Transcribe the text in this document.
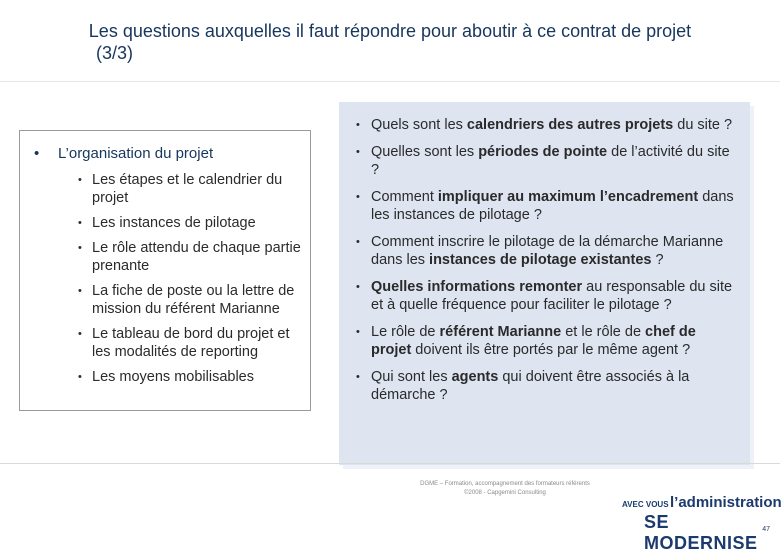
Les questions auxquelles il faut répondre pour aboutir à ce contrat de projet
(3/3)
• L’organisation du projet
• Les étapes et le calendrier du projet
• Les instances de pilotage
• Le rôle attendu de chaque partie prenante
• La fiche de poste ou la lettre de mission du référent Marianne
• Le tableau de bord du projet et les modalités de reporting
• Les moyens mobilisables
• Quels sont les calendriers des autres projets du site ?
• Quelles sont les périodes de pointe de l’activité du site ?
• Comment impliquer au maximum l’encadrement dans les instances de pilotage ?
• Comment inscrire le pilotage de la démarche Marianne dans les instances de pilotage existantes ?
• Quelles informations remonter au responsable du site et à quelle fréquence pour faciliter le pilotage ?
• Le rôle de référent Marianne et le rôle de chef de projet doivent ils être portés par le même agent ?
• Qui sont les agents qui doivent être associés à la démarche ?
DGME – Formation, accompagnement des formateurs référents
©2008 - Capgemini Consulting
AVEC VOUS l’administration
SE MODERNISE
47
